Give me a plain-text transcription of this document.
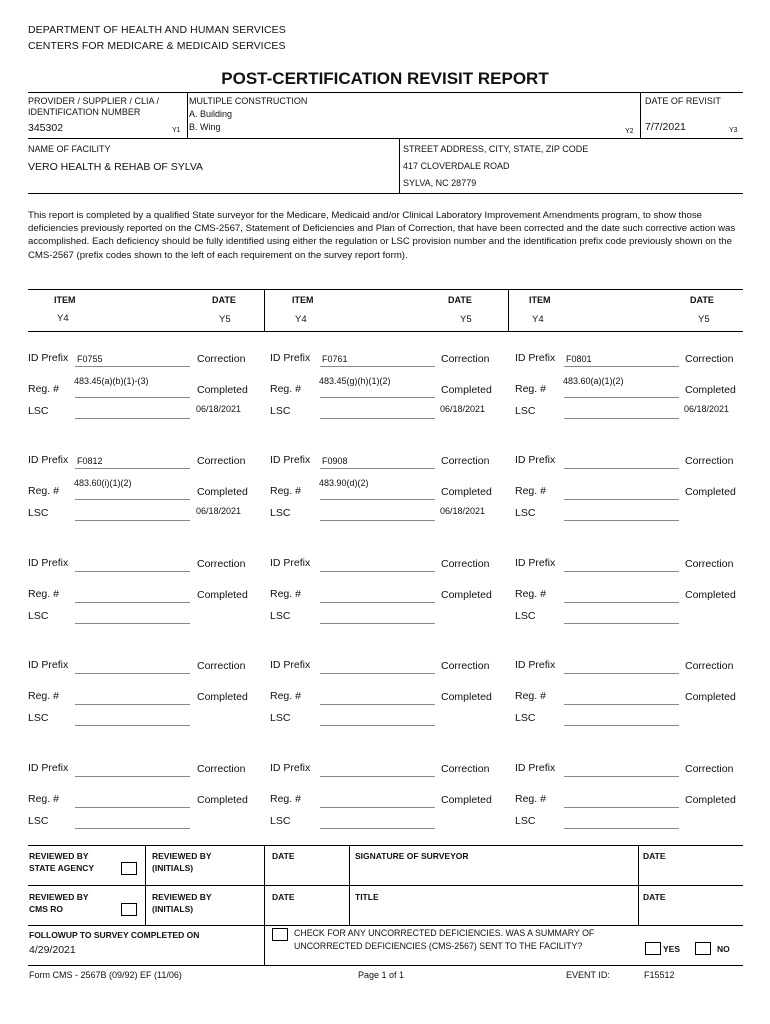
DEPARTMENT OF HEALTH AND HUMAN SERVICES
CENTERS FOR MEDICARE & MEDICAID SERVICES
POST-CERTIFICATION REVISIT REPORT
PROVIDER / SUPPLIER / CLIA /
IDENTIFICATION NUMBER
345302	Y1
MULTIPLE CONSTRUCTION
A. Building
B. Wing	Y2
DATE OF REVISIT
7/7/2021	Y3
NAME OF FACILITY
VERO HEALTH & REHAB OF SYLVA
STREET ADDRESS, CITY, STATE, ZIP CODE
417 CLOVERDALE ROAD
SYLVA, NC 28779
This report is completed by a qualified State surveyor for the Medicare, Medicaid and/or Clinical Laboratory Improvement Amendments program, to show those deficiencies previously reported on the CMS-2567, Statement of Deficiencies and Plan of Correction, that have been corrected and the date such corrective action was accomplished. Each deficiency should be fully identified using either the regulation or LSC provision number and the identification prefix code previously shown on the CMS-2567 (prefix codes shown to the left of each requirement on the survey report form).
ITEM	DATE	ITEM	DATE	ITEM	DATE
Y4	Y5	Y4	Y5	Y4	Y5
ID Prefix F0755	Correction
483.45(a)(b)(1)-(3)
Reg. #	Completed
LSC	06/18/2021
ID Prefix F0761	Correction
483.45(g)(h)(1)(2)
Reg. #	Completed
LSC	06/18/2021
ID Prefix F0801	Correction
483.60(a)(1)(2)
Reg. #	Completed
LSC	06/18/2021
ID Prefix F0812	Correction
483.60(i)(1)(2)
Reg. #	Completed
LSC	06/18/2021
ID Prefix F0908	Correction
483.90(d)(2)
Reg. #	Completed
LSC	06/18/2021
ID Prefix	Correction
Reg. #	Completed
LSC
ID Prefix	Correction
Reg. #	Completed
LSC
ID Prefix	Correction
Reg. #	Completed
LSC
ID Prefix	Correction
Reg. #	Completed
LSC
ID Prefix	Correction
Reg. #	Completed
LSC
ID Prefix	Correction
Reg. #	Completed
LSC
ID Prefix	Correction
Reg. #	Completed
LSC
ID Prefix	Correction
Reg. #	Completed
LSC
ID Prefix	Correction
Reg. #	Completed
LSC
ID Prefix	Correction
Reg. #	Completed
LSC
REVIEWED BY
STATE AGENCY
REVIEWED BY
(INITIALS)
DATE	SIGNATURE OF SURVEYOR	DATE
REVIEWED BY
CMS RO
REVIEWED BY
(INITIALS)
DATE	TITLE	DATE
FOLLOWUP TO SURVEY COMPLETED ON
4/29/2021
CHECK FOR ANY UNCORRECTED DEFICIENCIES. WAS A SUMMARY OF
UNCORRECTED DEFICIENCIES (CMS-2567) SENT TO THE FACILITY?	YES	NO
Form CMS - 2567B (09/92) EF (11/06)	Page 1 of 1	EVENT ID:	F15512
